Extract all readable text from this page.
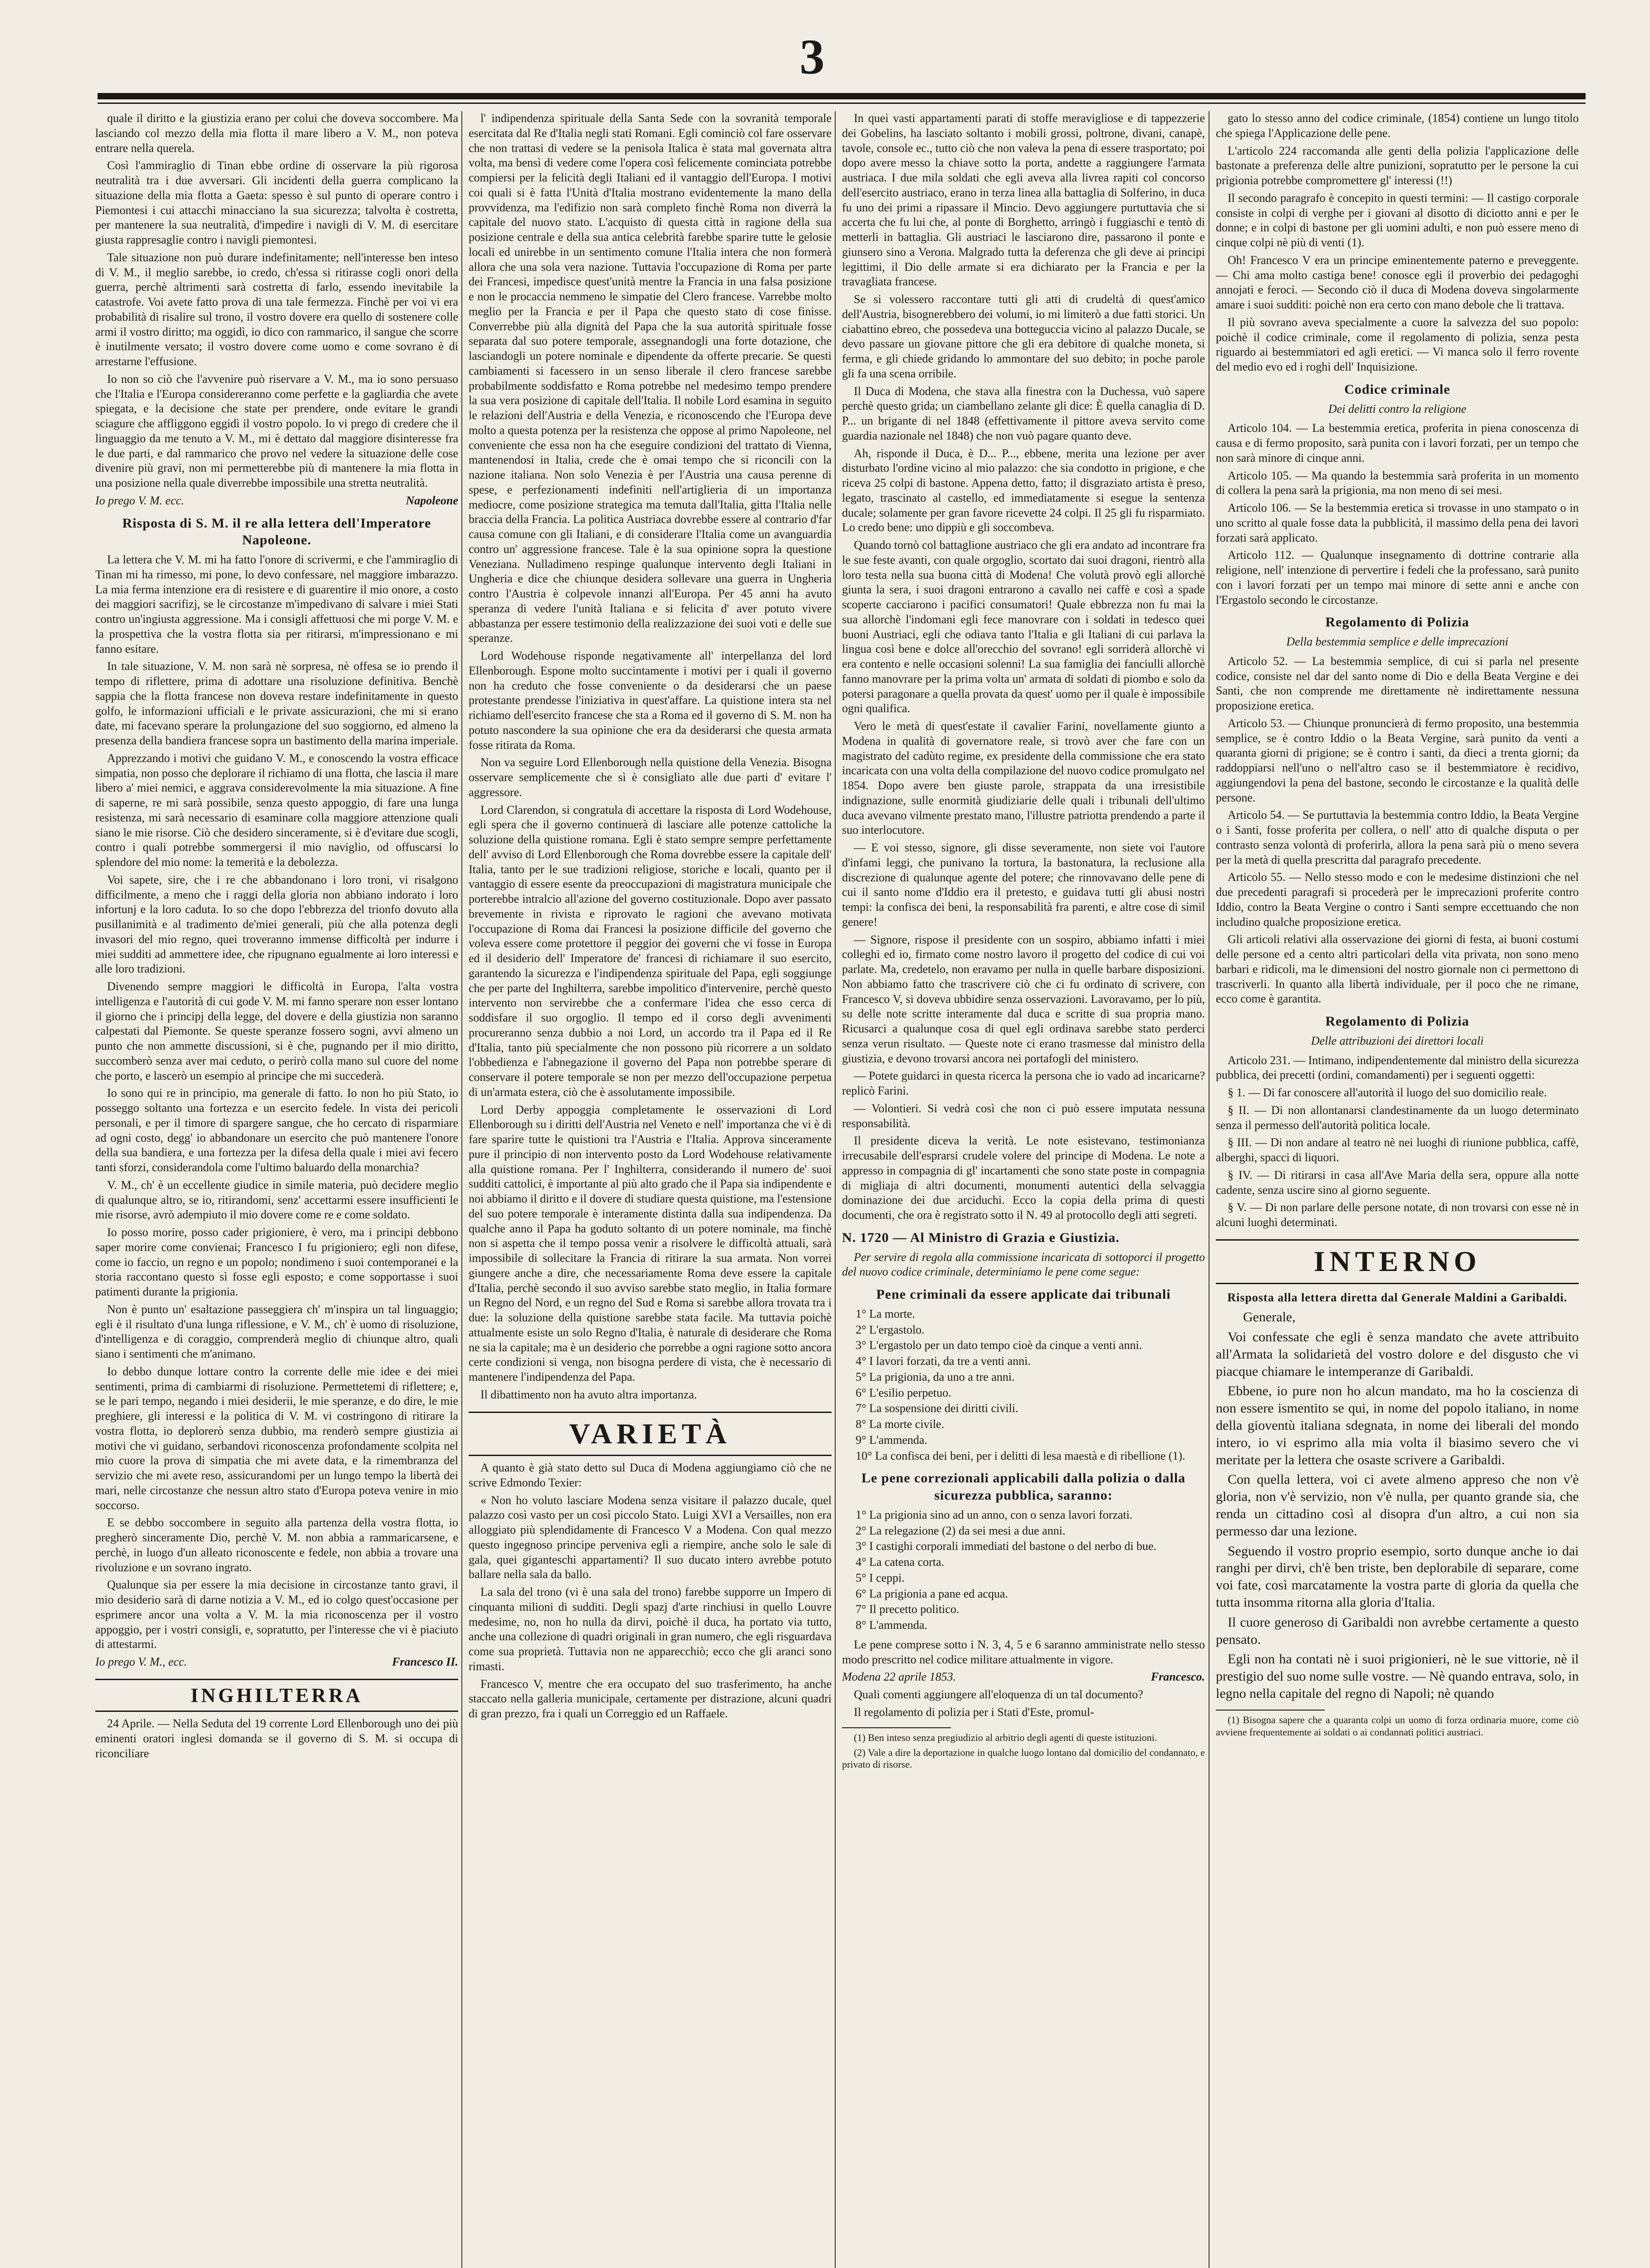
3

quale il diritto e la giustizia erano per colui che doveva soccombere. Ma lasciando col mezzo della mia flotta il mare libero a V. M., non poteva entrare nella querela.

Così l'ammiraglio di Tinan ebbe ordine di osservare la più rigorosa neutralità tra i due avversari. Gli incidenti della guerra complicano la situazione della mia flotta a Gaeta: spesso è sul punto di operare contro i Piemontesi i cui attacchi minacciano la sua sicurezza; talvolta è costretta, per mantenere la sua neutralità, d'impedire i navigli di V. M. di esercitare giusta rappresaglie contro i navigli piemontesi.

Tale situazione non può durare indefinitamente; nell'interesse ben inteso di V. M., il meglio sarebbe, io credo, ch'essa si ritirasse cogli onori della guerra, perchè altrimenti sarà costretta di farlo, essendo inevitabile la catastrofe. Voi avete fatto prova di una tale fermezza. Finchè per voi vi era probabilità di risalire sul trono, il vostro dovere era quello di sostenere colle armi il vostro diritto; ma oggidì, io dico con rammarico, il sangue che scorre è inutilmente versato; il vostro dovere come uomo e come sovrano è di arrestarne l'effusione.

Io non so ciò che l'avvenire può riservare a V. M., ma io sono persuaso che l'Italia e l'Europa considereranno come perfette e la gagliardia che avete spiegata, e la decisione che state per prendere, onde evitare le grandi sciagure che affliggono eggidì il vostro popolo. Io vi prego di credere che il linguaggio da me tenuto a V. M., mi è dettato dal maggiore disinteresse fra le due parti, e dal rammarico che provo nel vedere la situazione delle cose divenire più gravi, non mi permetterebbe più di mantenere la mia flotta in una posizione nella quale diverrebbe impossibile una stretta neutralità.

Io prego V. M. ecc.	Napoleone

Risposta di S. M. il re alla lettera dell'Imperatore Napoleone.

La lettera che V. M. mi ha fatto l'onore di scrivermi, e che l'ammiraglio di Tinan mi ha rimesso, mi pone, lo devo confessare, nel maggiore imbarazzo. La mia ferma intenzione era di resistere e di guarentire il mio onore, a costo dei maggiori sacrifizj, se le circostanze m'impedivano di salvare i miei Stati contro un'ingiusta aggressione. Ma i consigli affettuosi che mi porge V. M. e la prospettiva che la vostra flotta sia per ritirarsi, m'impressionano e mi fanno esitare.

In tale situazione, V. M. non sarà nè sorpresa, nè offesa se io prendo il tempo di riflettere, prima di adottare una risoluzione definitiva. Benchè sappia che la flotta francese non doveva restare indefinitamente in questo golfo, le informazioni ufficiali e le private assicurazioni, che mi si erano date, mi facevano sperare la prolungazione del suo soggiorno, ed almeno la presenza della bandiera francese sopra un bastimento della marina imperiale.

Apprezzando i motivi che guidano V. M., e conoscendo la vostra efficace simpatia, non posso che deplorare il richiamo di una flotta, che lascia il mare libero a' miei nemici, e aggrava considerevolmente la mia situazione. A fine di saperne, re mi sarà possibile, senza questo appoggio, di fare una lunga resistenza, mi sarà necessario di esaminare colla maggiore attenzione quali siano le mie risorse. Ciò che desidero sinceramente, si è d'evitare due scogli, contro i quali potrebbe sommergersi il mio naviglio, od offuscarsi lo splendore del mio nome: la temerità e la debolezza.

Voi sapete, sire, che i re che abbandonano i loro troni, vi risalgono difficilmente, a meno che i raggi della gloria non abbiano indorato i loro infortunj e la loro caduta. Io so che dopo l'ebbrezza del trionfo dovuto alla pusillanimità e al tradimento de'miei generali, più che alla potenza degli invasori del mio regno, quei troveranno immense difficoltà per indurre i miei sudditi ad ammettere idee, che ripugnano egualmente ai loro interessi e alle loro tradizioni.

Divenendo sempre maggiori le difficoltà in Europa, l'alta vostra intelligenza e l'autorità di cui gode V. M. mi fanno sperare non esser lontano il giorno che i principj della legge, del dovere e della giustizia non saranno calpestati dal Piemonte. Se queste speranze fossero sogni, avvi almeno un punto che non ammette discussioni, si è che, pugnando per il mio diritto, succomberò senza aver mai ceduto, o perirò colla mano sul cuore del nome che porto, e lascerò un esempio al principe che mi succederà.

Io sono qui re in principio, ma generale di fatto. Io non ho più Stato, io posseggo soltanto una fortezza e un esercito fedele. In vista dei pericoli personali, e per il timore di spargere sangue, che ho cercato di risparmiare ad ogni costo, degg' io abbandonare un esercito che può mantenere l'onore della sua bandiera, e una fortezza per la difesa della quale i miei avi fecero tanti sforzi, considerandola come l'ultimo baluardo della monarchia?

V. M., ch' è un eccellente giudice in simile materia, può decidere meglio di qualunque altro, se io, ritirandomi, senz' accettarmi essere insufficienti le mie risorse, avrò adempiuto il mio dovere come re e come soldato.

Io posso morire, posso cader prigioniere, è vero, ma i principi debbono saper morire come convienai; Francesco I fu prigioniero; egli non difese, come io faccio, un regno e un popolo; nondimeno i suoi contemporanei e la storia raccontano questo sì fosse egli esposto; e come sopportasse i suoi patimenti durante la prigionia.

Non è punto un' esaltazione passeggiera ch' m'inspira un tal linguaggio; egli è il risultato d'una lunga riflessione, e V. M., ch' è uomo di risoluzione, d'intelligenza e di coraggio, comprenderà meglio di chiunque altro, quali siano i sentimenti che m'animano.

Io debbo dunque lottare contro la corrente delle mie idee e dei miei sentimenti, prima di cambiarmi di risoluzione. Permettetemi di riflettere; e, se le pari tempo, negando i miei desiderii, le mie speranze, e do dire, le mie preghiere, gli interessi e la politica di V. M. vi costringono di ritirare la vostra flotta, io deplorerò senza dubbio, ma renderò sempre giustizia ai motivi che vi guidano, serbandovi riconoscenza profondamente scolpita nel mio cuore la prova di simpatia che mi avete data, e la rimembranza del servizio che mi avete reso, assicurandomi per un lungo tempo la libertà dei mari, nelle circostanze che nessun altro stato d'Europa poteva venire in mio soccorso.

E se debbo soccombere in seguito alla partenza della vostra flotta, io pregherò sinceramente Dio, perchè V. M. non abbia a rammaricarsene, e perchè, in luogo d'un alleato riconoscente e fedele, non abbia a trovare una rivoluzione e un sovrano ingrato.

Qualunque sia per essere la mia decisione in circostanze tanto gravi, il mio desiderio sarà di darne notizia a V. M., ed io colgo quest'occasione per esprimere ancor una volta a V. M. la mia riconoscenza per il vostro appoggio, per i vostri consigli, e, sopratutto, per l'interesse che vi è piaciuto di attestarmi.

Io prego V. M., ecc.	Francesco II.

INGHILTERRA

24 Aprile. — Nella Seduta del 19 corrente Lord Ellenborough uno dei più eminenti oratori inglesi domanda se il governo di S. M. si occupa di riconciliare

l' indipendenza spirituale della Santa Sede con la sovranità temporale esercitata dal Re d'Italia negli stati Romani. Egli cominciò col fare osservare che non trattasi di vedere se la penisola Italica è stata mal governata altra volta, ma bensì di vedere come l'opera così felicemente cominciata potrebbe compiersi per la felicità degli Italiani ed il vantaggio dell'Europa. I motivi coi quali si è fatta l'Unità d'Italia mostrano evidentemente la mano della provvidenza, ma l'edifizio non sarà completo finchè Roma non diverrà la capitale del nuovo stato. L'acquisto di questa città in ragione della sua posizione centrale e della sua antica celebrità farebbe sparire tutte le gelosie locali ed unirebbe in un sentimento comune l'Italia intera che non formerà allora che una sola vera nazione. Tuttavia l'occupazione di Roma per parte dei Francesi, impedisce quest'unità mentre la Francia in una falsa posizione e non le procaccia nemmeno le simpatie del Clero francese. Varrebbe molto meglio per la Francia e per il Papa che questo stato di cose finisse. Converrebbe più alla dignità del Papa che la sua autorità spirituale fosse separata dal suo potere temporale, assegnandogli una forte dotazione, che lasciandogli un potere nominale e dipendente da offerte precarie. Se questi cambiamenti si facessero in un senso liberale il clero francese sarebbe probabilmente soddisfatto e Roma potrebbe nel medesimo tempo prendere la sua vera posizione di capitale dell'Italia. Il nobile Lord esamina in seguito le relazioni dell'Austria e della Venezia, e riconoscendo che l'Europa deve molto a questa potenza per la resistenza che oppose al primo Napoleone, nel conveniente che essa non ha che eseguire condizioni del trattato di Vienna, mantenendosi in Italia, crede che è omai tempo che si riconcili con la nazione italiana. Non solo Venezia è per l'Austria una causa perenne di spese, e perfezionamenti indefiniti nell'artiglieria di un importanza mediocre, come posizione strategica ma temuta dall'Italia, gitta l'Italia nelle braccia della Francia. La politica Austriaca dovrebbe essere al contrario d'far causa comune con gli Italiani, e di considerare l'Italia come un avanguardia contro un' aggressione francese. Tale è la sua opinione sopra la questione Veneziana. Nulladimeno respinge qualunque intervento degli Italiani in Ungheria e dice che chiunque desidera sollevare una guerra in Ungheria contro l'Austria è colpevole innanzi all'Europa. Per 45 anni ha avuto speranza di vedere l'unità Italiana e si felicita d' aver potuto vivere abbastanza per essere testimonio della realizzazione dei suoi voti e delle sue speranze.

Lord Wodehouse risponde negativamente all' interpellanza del lord Ellenborough. Espone molto succintamente i motivi per i quali il governo non ha creduto che fosse conveniente o da desiderarsi che un paese protestante prendesse l'iniziativa in quest'affare. La quistione intera sta nel richiamo dell'esercito francese che sta a Roma ed il governo di S. M. non ha potuto nascondere la sua opinione che era da desiderarsi che questa armata fosse ritirata da Roma.

Non va seguire Lord Ellenborough nella quistione della Venezia. Bisogna osservare semplicemente che sì è consigliato alle due parti d' evitare l' aggressore.

Lord Clarendon, si congratula di accettare la risposta di Lord Wodehouse, egli spera che il governo continuerà di lasciare alle potenze cattoliche la soluzione della quistione romana. Egli è stato sempre sempre perfettamente dell' avviso di Lord Ellenborough che Roma dovrebbe essere la capitale dell' Italia, tanto per le sue tradizioni religiose, storiche e locali, quanto per il vantaggio di essere esente da preoccupazioni di magistratura municipale che porterebbe intralcio all'azione del governo costituzionale. Dopo aver passato brevemente in rivista e riprovato le ragioni che avevano motivata l'occupazione di Roma dai Francesi la posizione difficile del governo che voleva essere come protettore il peggior dei governi che vi fosse in Europa ed il desiderio dell' Imperatore de' francesi di richiamare il suo esercito, garantendo la sicurezza e l'indipendenza spirituale del Papa, egli soggiunge che per parte del Inghilterra, sarebbe impolitico d'intervenire, perchè questo intervento non servirebbe che a confermare l'idea che esso cerca di soddisfare il suo orgoglio. Il tempo ed il corso degli avvenimenti procureranno senza dubbio a noi Lord, un accordo tra il Papa ed il Re d'Italia, tanto più specialmente che non possono più ricorrere a un soldato l'obbedienza e l'abnegazione il governo del Papa non potrebbe sperare di conservare il potere temporale se non per mezzo dell'occupazione perpetua di un'armata estera, ciò che è assolutamente impossibile.

Lord Derby appoggia completamente le osservazioni di Lord Ellenborough su i diritti dell'Austria nel Veneto e nell' importanza che vi è di fare sparire tutte le quistioni tra l'Austria e l'Italia. Approva sinceramente pure il principio di non intervento posto da Lord Wodehouse relativamente alla quistione romana. Per l' Inghilterra, considerando il numero de' suoi sudditi cattolici, è importante al più alto grado che il Papa sia indipendente e noi abbiamo il diritto e il dovere di studiare questa quistione, ma l'estensione del suo potere temporale è interamente distinta dalla sua indipendenza. Da qualche anno il Papa ha goduto soltanto di un potere nominale, ma finchè non si aspetta che il tempo possa venir a risolvere le difficoltà attuali, sarà impossibile di sollecitare la Francia di ritirare la sua armata. Non vorrei giungere anche a dire, che necessariamente Roma deve essere la capitale d'Italia, perchè secondo il suo avviso sarebbe stato meglio, in Italia formare un Regno del Nord, e un regno del Sud e Roma si sarebbe allora trovata tra i due: la soluzione della quistione sarebbe stata facile. Ma tuttavia poichè attualmente esiste un solo Regno d'Italia, è naturale di desiderare che Roma ne sia la capitale; ma è un desiderio che porrebbe a ogni ragione sotto ancora certe condizioni si venga, non bisogna perdere di vista, che è necessario di mantenere l'indipendenza del Papa.

Il dibattimento non ha avuto altra importanza.

VARIETÀ

A quanto è già stato detto sul Duca di Modena aggiungiamo ciò che ne scrive Edmondo Texier:

« Non ho voluto lasciare Modena senza visitare il palazzo ducale, quel palazzo così vasto per un così piccolo Stato. Luigi XVI a Versailles, non era alloggiato più splendidamente di Francesco V a Modena. Con qual mezzo questo ingegnoso principe perveniva egli a riempire, anche solo le sale di gala, quei giganteschi appartamenti? Il suo ducato intero avrebbe potuto ballare nella sala da ballo.

La sala del trono (vi è una sala del trono) farebbe supporre un Impero di cinquanta milioni di sudditi. Degli spazj d'arte rinchiusi in quello Louvre medesime, no, non ho nulla da dirvi, poichè il duca, ha portato via tutto, anche una collezione di quadri originali in gran numero, che egli risguardava come sua proprietà. Tuttavia non ne apparecchiò; ecco che gli aranci sono rimasti.

Francesco V, mentre che era occupato del suo trasferimento, ha anche staccato nella galleria municipale, certamente per distrazione, alcuni quadri di gran prezzo, fra i quali un Correggio ed un Raffaele.

In quei vasti appartamenti parati di stoffe meravigliose e di tappezzerie dei Gobelins, ha lasciato soltanto i mobili grossi, poltrone, divani, canapè, tavole, console ec., tutto ciò che non valeva la pena di essere trasportato; poi dopo avere messo la chiave sotto la porta, andette a raggiungere l'armata austriaca. I due mila soldati che egli aveva alla livrea rapiti col concorso dell'esercito austriaco, erano in terza linea alla battaglia di Solferino, in duca fu uno dei primi a ripassare il Mincio. Devo aggiungere purtuttavia che si accerta che fu lui che, al ponte di Borghetto, arringò i fuggiaschi e tentò di metterli in battaglia. Gli austriaci le lasciarono dire, passarono il ponte e giunsero sino a Verona. Malgrado tutta la deferenza che gli deve ai principi legittimi, il Dio delle armate si era dichiarato per la Francia e per la travagliata francese.

Se si volessero raccontare tutti gli atti di crudeltà di quest'amico dell'Austria, bisognerebbero dei volumi, io mi limiterò a due fatti storici. Un ciabattino ebreo, che possedeva una botteguccia vicino al palazzo Ducale, se devo passare un giovane pittore che gli era debitore di qualche moneta, si ferma, e gli chiede gridando lo ammontare del suo debito; in poche parole gli fa una scena orribile.

Il Duca di Modena, che stava alla finestra con la Duchessa, vuò sapere perchè questo grida; un ciambellano zelante gli dice: È quella canaglia di D. P... un brigante di nel 1848 (effettivamente il pittore aveva servito come guardia nazionale nel 1848) che non vuò pagare quanto deve.

Ah, risponde il Duca, è D... P..., ebbene, merita una lezione per aver disturbato l'ordine vicino al mio palazzo: che sia condotto in prigione, e che riceva 25 colpi di bastone. Appena detto, fatto; il disgraziato artista è preso, legato, trascinato al castello, ed immediatamente si esegue la sentenza ducale; solamente per gran favore ricevette 24 colpi. Il 25 gli fu risparmiato. Lo credo bene: uno dippiù e gli soccombeva.

Quando tornò col battaglione austriaco che gli era andato ad incontrare fra le sue feste avanti, con quale orgoglio, scortato dai suoi dragoni, rientrò alla loro testa nella sua buona città di Modena! Che volutà provò egli allorchè giunta la sera, i suoi dragoni entrarono a cavallo nei caffè e così a spade scoperte cacciarono i pacifici consumatori! Quale ebbrezza non fu mai la sua allorchè l'indomani egli fece manovrare con i soldati in tedesco quei buoni Austriaci, egli che odiava tanto l'Italia e gli Italiani di cui parlava la lingua così bene e dolce all'orecchio del sovrano! egli sorriderà allorchè vi era contento e nelle occasioni solenni! La sua famiglia dei fanciulli allorchè fanno manovrare per la prima volta un' armata di soldati di piombo e solo da potersi paragonare a quella provata da quest' uomo per il quale è impossibile ogni qualifica.

Vero le metà di quest'estate il cavalier Farini, novellamente giunto a Modena in qualità di governatore reale, si trovò aver che fare con un magistrato del cadùto regime, ex presidente della commissione che era stato incaricata con una volta della compilazione del nuovo codice promulgato nel 1854. Dopo avere ben giuste parole, strappata da una irresistibile indignazione, sulle enormità giudiziarie delle quali i tribunali dell'ultimo duca avevano vilmente prestato mano, l'illustre patriotta prendendo a parte il suo interlocutore.

— E voi stesso, signore, gli disse severamente, non siete voi l'autore d'infami leggi, che punivano la tortura, la bastonatura, la reclusione alla discrezione di qualunque agente del potere; che rinnovavano delle pene di cui il santo nome d'Iddio era il pretesto, e guidava tutti gli abusi nostri tempi: la confisca dei beni, la responsabilità fra parenti, e altre cose di simil genere!

— Signore, rispose il presidente con un sospiro, abbiamo infatti i miei colleghi ed io, firmato come nostro lavoro il progetto del codice di cui voi parlate. Ma, credetelo, non eravamo per nulla in quelle barbare disposizioni. Non abbiamo fatto che trascrivere ciò che ci fu ordinato di scrivere, con Francesco V, si doveva ubbidire senza osservazioni. Lavoravamo, per lo più, su delle note scritte interamente dal duca e scritte di sua propria mano. Ricusarci a qualunque cosa di quel egli ordinava sarebbe stato perderci senza verun risultato. — Queste note ci erano trasmesse dal ministro della giustizia, e devono trovarsi ancora nei portafogli del ministero.

— Potete guidarci in questa ricerca la persona che io vado ad incaricarne? replicò Farini.

— Volontieri. Si vedrà così che non ci può essere imputata nessuna responsabilità.

Il presidente diceva la verità. Le note esistevano, testimonianza irrecusabile dell'esprarsi crudele volere del principe di Modena. Le note a appresso in compagnia di gl' incartamenti che sono state poste in compagnia di migliaja di altri documenti, monumenti autentici della selvaggia dominazione dei due arciduchi. Ecco la copia della prima di questi documenti, che ora è registrato sotto il N. 49 al protocollo degli atti segreti.

N. 1720 — Al Ministro di Grazia e Giustizia.

Per servire di regola alla commissione incaricata di sottoporci il progetto del nuovo codice criminale, determiniamo le pene come segue:

Pene criminali da essere applicate dai tribunali
1° La morte.
2° L'ergastolo.
3° L'ergastolo per un dato tempo cioè da cinque a venti anni.
4° I lavori forzati, da tre a venti anni.
5° La prigionia, da uno a tre anni.
6° L'esilio perpetuo.
7° La sospensione dei diritti civili.
8° La morte civile.
9° L'ammenda.
10° La confisca dei beni, per i delitti di lesa maestà e di ribellione (1).
Le pene correzionali applicabili dalla polizia o dalla sicurezza pubblica, saranno:
1° La prigionia sino ad un anno, con o senza lavori forzati.
2° La relegazione (2) da sei mesi a due anni.
3° I castighi corporali immediati del bastone o del nerbo di bue.
4° La catena corta.
5° I ceppi.
6° La prigionia a pane ed acqua.
7° Il precetto politico.
8° L'ammenda.

Le pene comprese sotto i N. 3, 4, 5 e 6 saranno amministrate nello stesso modo prescritto nel codice militare attualmente in vigore.

Modena 22 aprile 1853.	Francesco.

Quali comenti aggiungere all'eloquenza di un tal documento?

Il regolamento di polizia per i Stati d'Este, promul-

(1) Ben inteso senza pregiudizio al arbitrio degli agenti di queste istituzioni.

(2) Vale a dire la deportazione in qualche luogo lontano dal domicilio del condannato, e privato di risorse.

gato lo stesso anno del codice criminale, (1854) contiene un lungo titolo che spiega l'Applicazione delle pene.

L'articolo 224 raccomanda alle genti della polizia l'applicazione delle bastonate a preferenza delle altre punizioni, sopratutto per le persone la cui prigionia potrebbe compromettere gl' interessi (!!)

Il secondo paragrafo è concepito in questi termini: — Il castigo corporale consiste in colpi di verghe per i giovani al disotto di diciotto anni e per le donne; e in colpi di bastone per gli uomini adulti, e non può essere meno di cinque colpi nè più di venti (1).

Oh! Francesco V era un principe eminentemente paterno e preveggente. — Chi ama molto castiga bene! conosce egli il proverbio dei pedagoghi annojati e feroci. — Secondo ciò il duca di Modena doveva singolarmente amare i suoi sudditi: poichè non era certo con mano debole che li trattava.

Il più sovrano aveva specialmente a cuore la salvezza del suo popolo: poichè il codice criminale, come il regolamento di polizia, senza pesta riguardo ai bestemmiatori ed agli eretici. — Vi manca solo il ferro rovente del medio evo ed i roghi dell' Inquisizione.

Codice criminale
Dei delitti contro la religione

Articolo 104. — La bestemmia eretica, proferita in piena conoscenza di causa e di fermo proposito, sarà punita con i lavori forzati, per un tempo che non sarà minore di cinque anni.

Articolo 105. — Ma quando la bestemmia sarà proferita in un momento di collera la pena sarà la prigionia, ma non meno di sei mesi.

Articolo 106. — Se la bestemmia eretica si trovasse in uno stampato o in uno scritto al quale fosse data la pubblicità, il massimo della pena dei lavori forzati sarà applicato.

Articolo 112. — Qualunque insegnamento di dottrine contrarie alla religione, nell' intenzione di pervertire i fedeli che la professano, sarà punito con i lavori forzati per un tempo mai minore di sette anni e anche con l'Ergastolo secondo le circostanze.

Regolamento di Polizia
Della bestemmia semplice e delle imprecazioni

Articolo 52. — La bestemmia semplice, di cui si parla nel presente codice, consiste nel dar del santo nome di Dio e della Beata Vergine e dei Santi, che non comprende me direttamente nè indirettamente nessuna proposizione eretica.

Articolo 53. — Chiunque pronuncierà di fermo proposito, una bestemmia semplice, se è contro Iddio o la Beata Vergine, sarà punito da venti a quaranta giorni di prigione; se è contro i santi, da dieci a trenta giorni; da raddoppiarsi nell'uno o nell'altro caso se il bestemmiatore è recidivo, aggiungendovi la pena del bastone, secondo le circostanze e la qualità delle persone.

Articolo 54. — Se purtuttavia la bestemmia contro Iddio, la Beata Vergine o i Santi, fosse proferita per collera, o nell' atto di qualche disputa o per contrasto senza volontà di proferirla, allora la pena sarà più o meno severa per la metà di quella prescritta dal paragrafo precedente.

Articolo 55. — Nello stesso modo e con le medesime distinzioni che nel due precedenti paragrafi si procederà per le imprecazioni proferite contro Iddio, contro la Beata Vergine o contro i Santi sempre eccettuando che non includino qualche proposizione eretica.

Gli articoli relativi alla osservazione dei giorni di festa, ai buoni costumi delle persone ed a cento altri particolari della vita privata, non sono meno barbari e ridicoli, ma le dimensioni del nostro giornale non ci permettono di trascriverli. In quanto alla libertà individuale, per il poco che ne rimane, ecco come è garantita.

Regolamento di Polizia
Delle attribuzioni dei direttori locali

Articolo 231. — Intimano, indipendentemente dal ministro della sicurezza pubblica, dei precetti (ordini, comandamenti) per i seguenti oggetti:

§ 1. — Di far conoscere all'autorità il luogo del suo domicilio reale.

§ II. — Di non allontanarsi clandestinamente da un luogo determinato senza il permesso dell'autorità politica locale.

§ III. — Di non andare al teatro nè nei luoghi di riunione pubblica, caffè, alberghi, spacci di liquori.

§ IV. — Di ritirarsi in casa all'Ave Maria della sera, oppure alla notte cadente, senza uscire sino al giorno seguente.

§ V. — Di non parlare delle persone notate, di non trovarsi con esse nè in alcuni luoghi determinati.

INTERNO
Risposta alla lettera diretta dal Generale Maldini a Garibaldi.

Generale,

Voi confessate che egli è senza mandato che avete attribuito all'Armata la solidarietà del vostro dolore e del disgusto che vi piacque chiamare le intemperanze di Garibaldi.

Ebbene, io pure non ho alcun mandato, ma ho la coscienza di non essere ismentito se qui, in nome del popolo italiano, in nome della gioventù italiana sdegnata, in nome dei liberali del mondo intero, io vi esprimo alla mia volta il biasimo severo che vi meritate per la lettera che osaste scrivere a Garibaldi.

Con quella lettera, voi ci avete almeno appreso che non v'è gloria, non v'è servizio, non v'è nulla, per quanto grande sia, che renda un cittadino così al disopra d'un altro, a cui non sia permesso dar una lezione.

Seguendo il vostro proprio esempio, sorto dunque anche io dai ranghi per dirvi, ch'è ben triste, ben deplorabile di separare, come voi fate, così marcatamente la vostra parte di gloria da quella che tutta insomma ritorna alla gloria d'Italia.

Il cuore generoso di Garibaldi non avrebbe certamente a questo pensato.

Egli non ha contati nè i suoi prigionieri, nè le sue vittorie, nè il prestigio del suo nome sulle vostre. — Nè quando entrava, solo, in legno nella capitale del regno di Napoli; nè quando

(1) Bisogna sapere che a quaranta colpi un uomo di forza ordinaria muore, come ciò avviene frequentemente ai soldati o ai condannati politici austriaci.
